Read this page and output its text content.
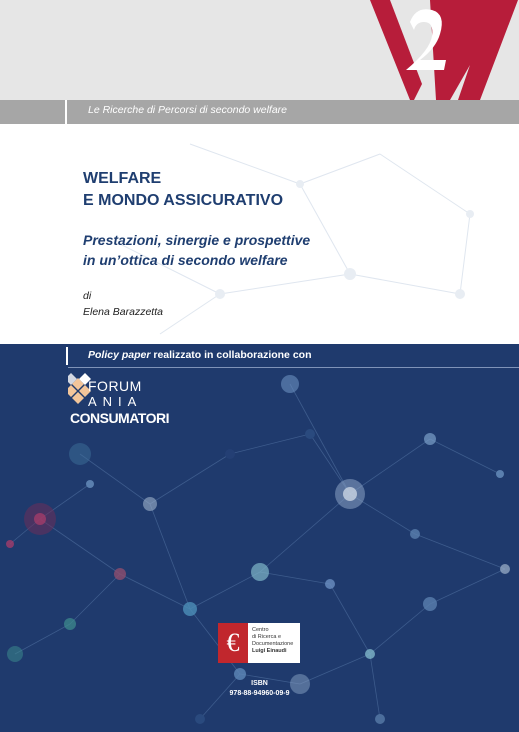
Le Ricerche di Percorsi di secondo welfare
WELFARE
E MONDO ASSICURATIVO
Prestazioni, sinergie e prospettive
in un’ottica di secondo welfare
di
Elena Barazzetta
Policy paper realizzato in collaborazione con
FORUM
ANIA
CONSUMATORI
€	Centro
di Ricerca e
Documentazione
Luigi Einaudi
ISBN
978-88-94960-09-9
